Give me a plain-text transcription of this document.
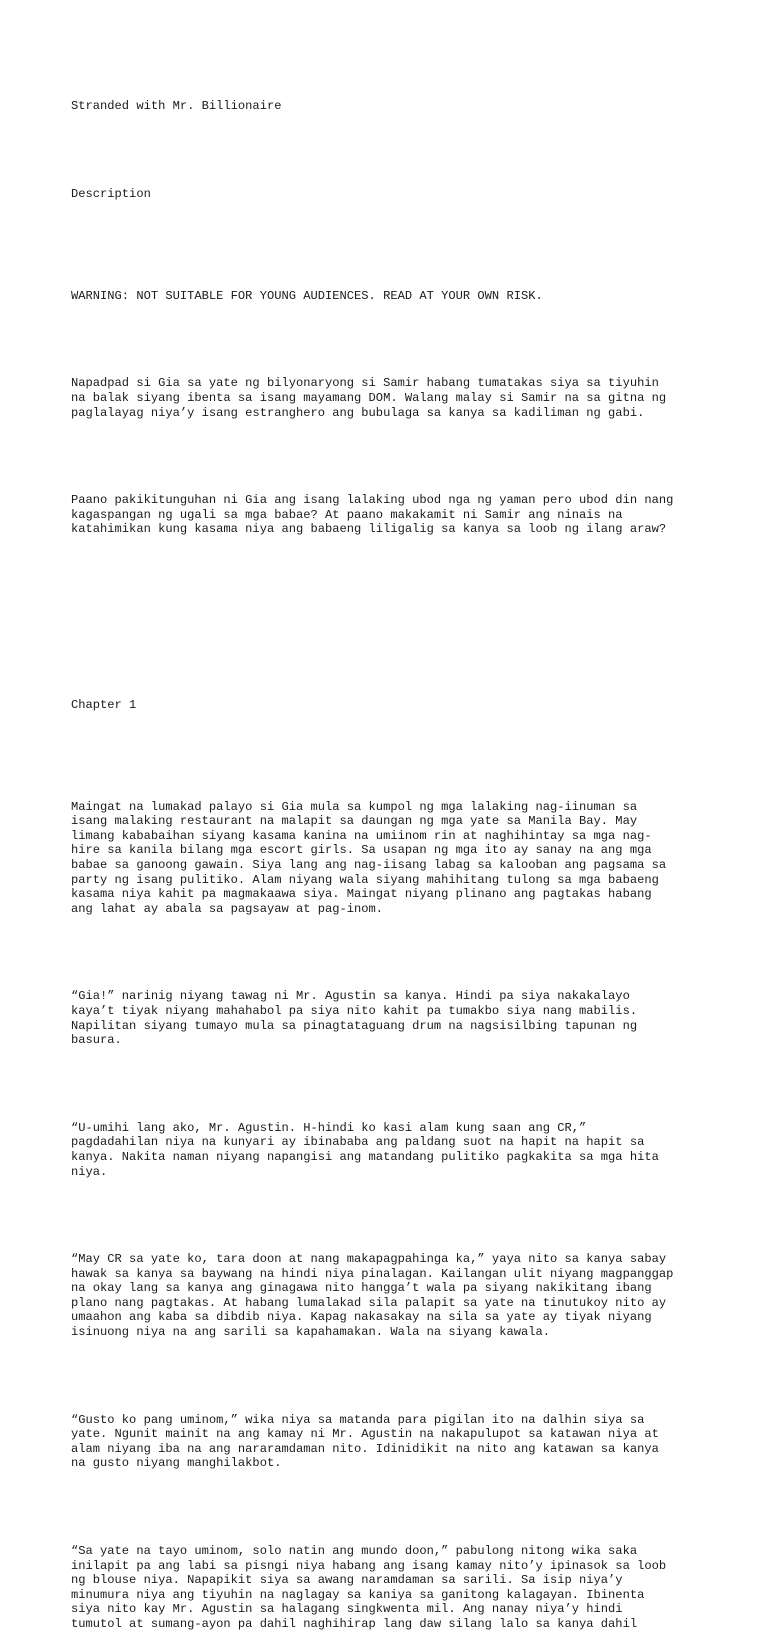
Stranded with Mr. Billionaire

Description

WARNING: NOT SUITABLE FOR YOUNG AUDIENCES. READ AT YOUR OWN RISK.

Napadpad si Gia sa yate ng bilyonaryong si Samir habang tumatakas siya sa tiyuhin
na balak siyang ibenta sa isang mayamang DOM. Walang malay si Samir na sa gitna ng
paglalayag niya’y isang estranghero ang bubulaga sa kanya sa kadiliman ng gabi.

Paano pakikitunguhan ni Gia ang isang lalaking ubod nga ng yaman pero ubod din nang
kagaspangan ng ugali sa mga babae? At paano makakamit ni Samir ang ninais na
katahimikan kung kasama niya ang babaeng liligalig sa kanya sa loob ng ilang araw?

Chapter 1

Maingat na lumakad palayo si Gia mula sa kumpol ng mga lalaking nag-iinuman sa
isang malaking restaurant na malapit sa daungan ng mga yate sa Manila Bay. May
limang kababaihan siyang kasama kanina na umiinom rin at naghihintay sa mga nag-
hire sa kanila bilang mga escort girls. Sa usapan ng mga ito ay sanay na ang mga
babae sa ganoong gawain. Siya lang ang nag-iisang labag sa kalooban ang pagsama sa
party ng isang pulitiko. Alam niyang wala siyang mahihitang tulong sa mga babaeng
kasama niya kahit pa magmakaawa siya. Maingat niyang plinano ang pagtakas habang
ang lahat ay abala sa pagsayaw at pag-inom.

“Gia!” narinig niyang tawag ni Mr. Agustin sa kanya. Hindi pa siya nakakalayo
kaya’t tiyak niyang mahahabol pa siya nito kahit pa tumakbo siya nang mabilis.
Napilitan siyang tumayo mula sa pinagtataguang drum na nagsisilbing tapunan ng
basura.

“U-umihi lang ako, Mr. Agustin. H-hindi ko kasi alam kung saan ang CR,”
pagdadahilan niya na kunyari ay ibinababa ang paldang suot na hapit na hapit sa
kanya. Nakita naman niyang napangisi ang matandang pulitiko pagkakita sa mga hita
niya.

“May CR sa yate ko, tara doon at nang makapagpahinga ka,” yaya nito sa kanya sabay
hawak sa kanya sa baywang na hindi niya pinalagan. Kailangan ulit niyang magpanggap
na okay lang sa kanya ang ginagawa nito hangga’t wala pa siyang nakikitang ibang
plano nang pagtakas. At habang lumalakad sila palapit sa yate na tinutukoy nito ay
umaahon ang kaba sa dibdib niya. Kapag nakasakay na sila sa yate ay tiyak niyang
isinuong niya na ang sarili sa kapahamakan. Wala na siyang kawala.

“Gusto ko pang uminom,” wika niya sa matanda para pigilan ito na dalhin siya sa
yate. Ngunit mainit na ang kamay ni Mr. Agustin na nakapulupot sa katawan niya at
alam niyang iba na ang nararamdaman nito. Idinidikit na nito ang katawan sa kanya
na gusto niyang manghilakbot.

“Sa yate na tayo uminom, solo natin ang mundo doon,” pabulong nitong wika saka
inilapit pa ang labi sa pisngi niya habang ang isang kamay nito’y ipinasok sa loob
ng blouse niya. Napapikit siya sa awang naramdaman sa sarili. Sa isip niya’y
minumura niya ang tiyuhin na naglagay sa kaniya sa ganitong kalagayan. Ibinenta
siya nito kay Mr. Agustin sa halagang singkwenta mil. Ang nanay niya’y hindi
tumutol at sumang-ayon pa dahil naghihirap lang daw silang lalo sa kanya dahil
